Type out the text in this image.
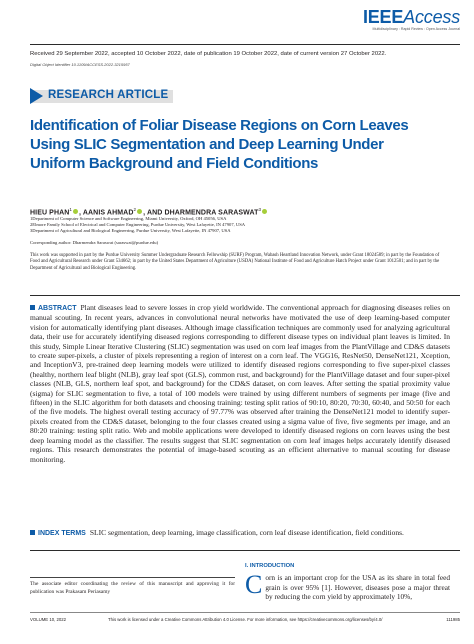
IEEEAccess
Multidisciplinary : Rapid Review : Open Access Journal
Received 29 September 2022, accepted 10 October 2022, date of publication 19 October 2022, date of current version 27 October 2022.
Digital Object Identifier 10.1109/ACCESS.2022.3215957
RESEARCH ARTICLE
Identification of Foliar Disease Regions on Corn Leaves Using SLIC Segmentation and Deep Learning Under Uniform Background and Field Conditions
HIEU PHAN$^1$ , AANIS AHMAD$^2$ , AND DHARMENDRA SARASWAT$^3$
1Department of Computer Science and Software Engineering, Miami University, Oxford, OH 45056, USA
2Elmore Family School of Electrical and Computer Engineering, Purdue University, West Lafayette, IN 47907, USA
3Department of Agricultural and Biological Engineering, Purdue University, West Lafayette, IN 47907, USA
Corresponding author: Dharmendra Saraswat (saraswat@purdue.edu)
This work was supported in part by the Purdue University Summer Undergraduate Research Fellowship (SURF) Program, Wabash Heartland Innovation Network, under Grant 18024589; in part by the Foundation of Food and Agricultural Research under Grant 534662; in part by the United States Department of Agriculture (USDA) National Institute of Food and Agriculture Hatch Project under Grant 1012501; and in part by the Department of Agricultural and Biological Engineering.
ABSTRACT Plant diseases lead to severe losses in crop yield worldwide. The conventional approach for diagnosing diseases relies on manual scouting. In recent years, advances in convolutional neural networks have motivated the use of deep learning-based computer vision for automatically identifying plant diseases. Although image classification techniques are commonly used for analyzing agricultural data, their use for accurately identifying diseased regions corresponding to different disease types on individual plant leaves is limited. In this study, Simple Linear Iterative Clustering (SLIC) segmentation was used on corn leaf images from the PlantVillage and CD&S datasets to create super-pixels, a cluster of pixels representing a region of interest on a corn leaf. The VGG16, ResNet50, DenseNet121, Xception, and InceptionV3, pre-trained deep learning models were utilized to identify diseased regions corresponding to five super-pixel classes (healthy, northern leaf blight (NLB), gray leaf spot (GLS), common rust, and background) for the PlantVillage dataset and four super-pixel classes (NLB, GLS, northern leaf spot, and background) for the CD&S dataset, on corn leaves. After setting the spatial proximity value (sigma) for SLIC segmentation to five, a total of 100 models were trained by using different numbers of segments per image (five and fifteen) in the SLIC algorithm for both datasets and choosing training: testing split ratios of 90:10, 80:20, 70:30, 60:40, and 50:50 for each of the five models. The highest overall testing accuracy of 97.77% was observed after training the DenseNet121 model to identify super-pixels created from the CD&S dataset, belonging to the four classes created using a sigma value of five, five segments per image, and an 80:20 training: testing split ratio. Web and mobile applications were developed to identify diseased regions on corn leaves using the best deep learning model as the classifier. The results suggest that SLIC segmentation on corn leaf images helps accurately identify diseased regions. This research demonstrates the potential of image-based scouting as an efficient alternative to manual scouting for disease monitoring.
INDEX TERMS SLIC segmentation, deep learning, image classification, corn leaf disease identification, field conditions.
The associate editor coordinating the review of this manuscript and approving it for publication was Prakasam Periasamy
I. INTRODUCTION
Corn is an important crop for the USA as its share in total feed grain is over 95% [1]. However, diseases pose a major threat by reducing the corn yield by approximately 10%,
VOLUME 10, 2022	This work is licensed under a Creative Commons Attribution 4.0 License. For more information, see https://creativecommons.org/licenses/by/4.0/	111985
